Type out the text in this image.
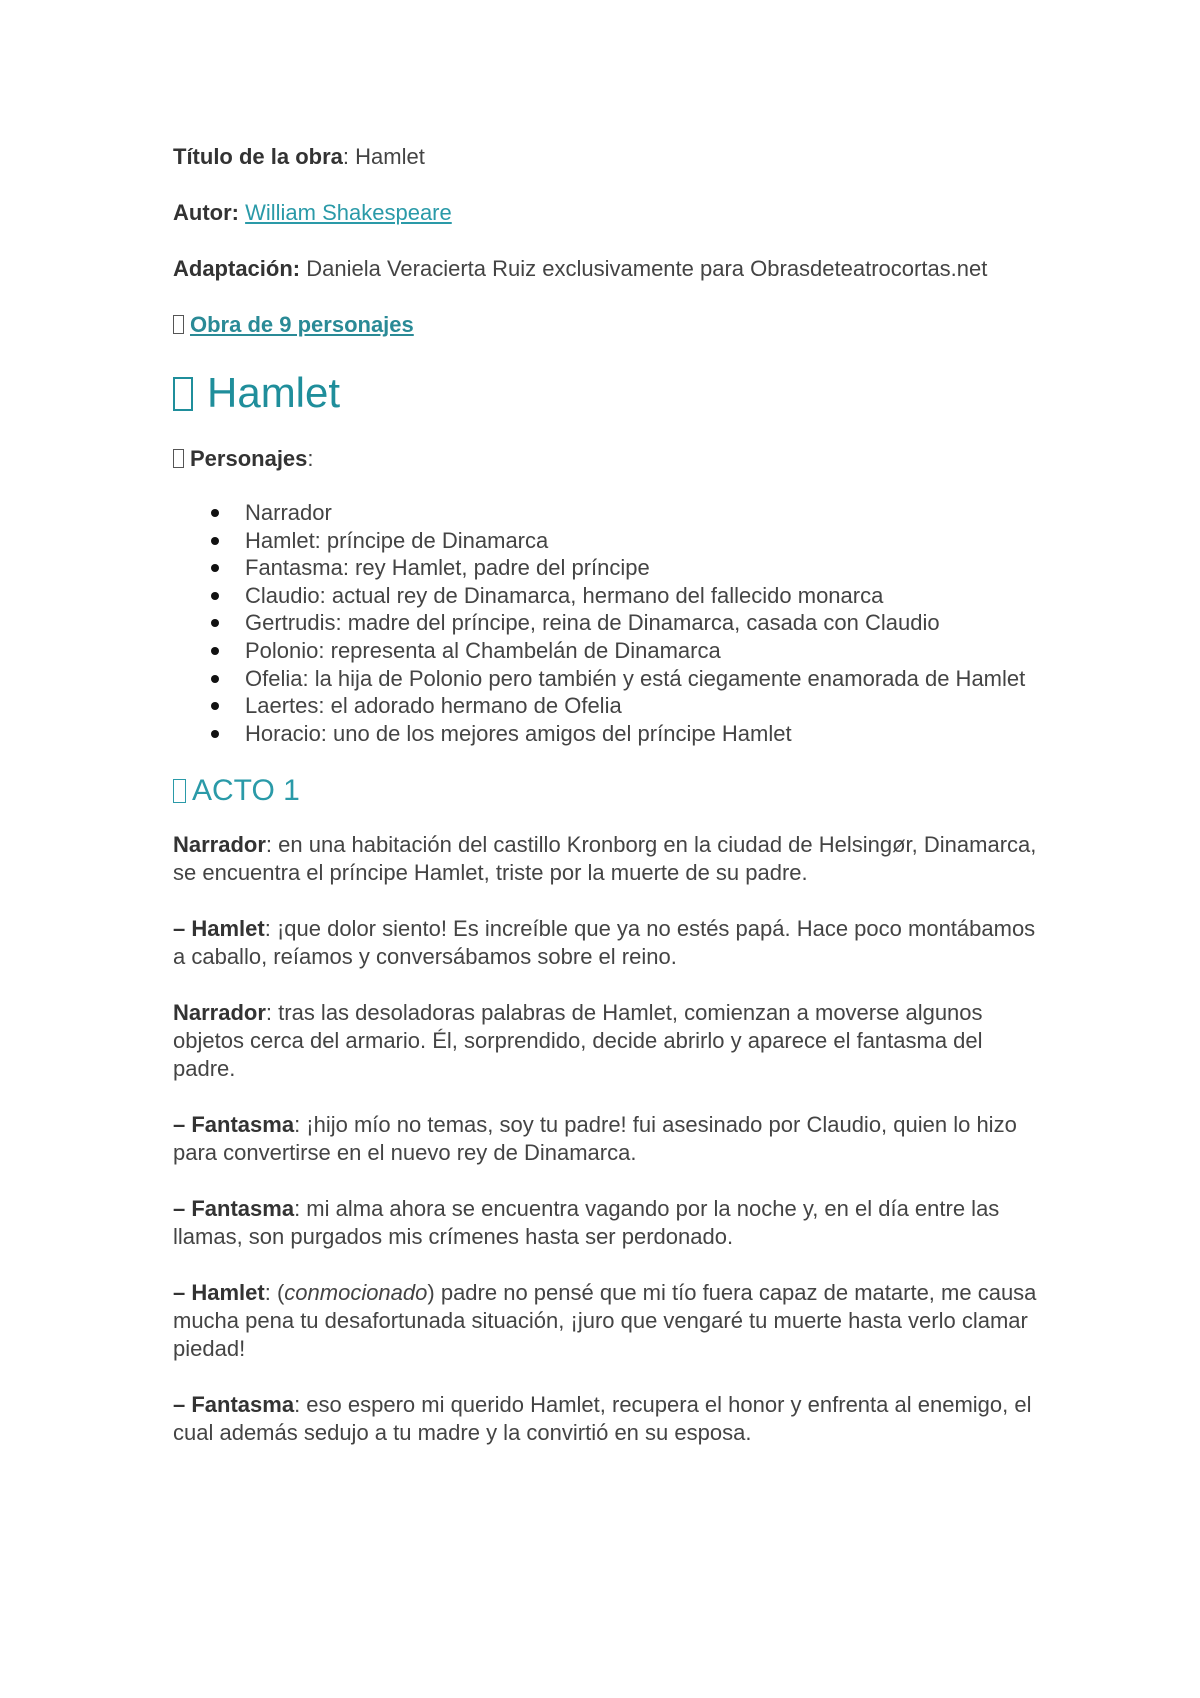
Título de la obra: Hamlet

Autor: William Shakespeare

Adaptación: Daniela Veracierta Ruiz exclusivamente para Obrasdeteatrocortas.net

Obra de 9 personajes

Hamlet

Personajes:

Narrador
Hamlet: príncipe de Dinamarca
Fantasma: rey Hamlet, padre del príncipe
Claudio: actual rey de Dinamarca, hermano del fallecido monarca
Gertrudis: madre del príncipe, reina de Dinamarca, casada con Claudio
Polonio: representa al Chambelán de Dinamarca
Ofelia: la hija de Polonio pero también y está ciegamente enamorada de Hamlet
Laertes: el adorado hermano de Ofelia
Horacio: uno de los mejores amigos del príncipe Hamlet
ACTO 1

Narrador: en una habitación del castillo Kronborg en la ciudad de Helsingør, Dinamarca, se encuentra el príncipe Hamlet, triste por la muerte de su padre.

– Hamlet: ¡que dolor siento! Es increíble que ya no estés papá. Hace poco montábamos a caballo, reíamos y conversábamos sobre el reino.

Narrador: tras las desoladoras palabras de Hamlet, comienzan a moverse algunos objetos cerca del armario. Él, sorprendido, decide abrirlo y aparece el fantasma del padre.

– Fantasma: ¡hijo mío no temas, soy tu padre! fui asesinado por Claudio, quien lo hizo para convertirse en el nuevo rey de Dinamarca.

– Fantasma: mi alma ahora se encuentra vagando por la noche y, en el día entre las llamas, son purgados mis crímenes hasta ser perdonado.

– Hamlet: (conmocionado) padre no pensé que mi tío fuera capaz de matarte, me causa mucha pena tu desafortunada situación, ¡juro que vengaré tu muerte hasta verlo clamar piedad!

– Fantasma: eso espero mi querido Hamlet, recupera el honor y enfrenta al enemigo, el cual además sedujo a tu madre y la convirtió en su esposa.
